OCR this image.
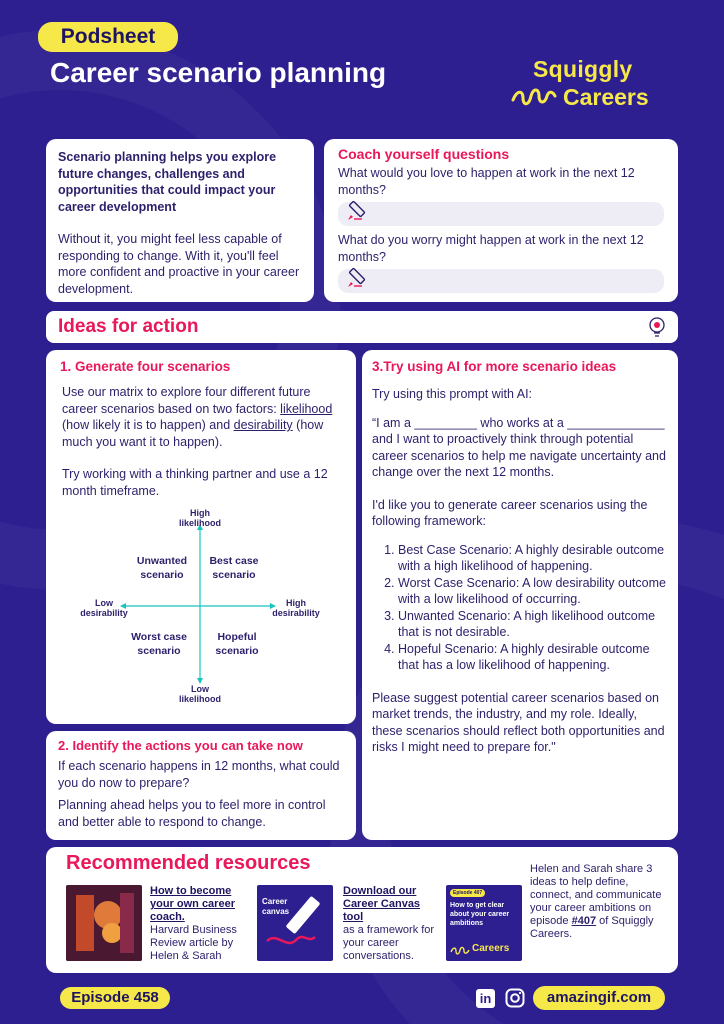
Podsheet
Career scenario planning	Squiggly
Careers
Scenario planning helps you explore future changes, challenges and opportunities that could impact your career development
Without it, you might feel less capable of responding to change. With it, you'll feel more confident and proactive in your career development.
Coach yourself questions
What would you love to happen at work in the next 12 months?
What do you worry might happen at work in the next 12 months?
Ideas for action
1. Generate four scenarios
Use our matrix to explore four different future career scenarios based on two factors: likelihood (how likely it is to happen) and desirability (how much you want it to happen).
Try working with a thinking partner and use a 12 month timeframe.
High likelihood
Low likelihood
Low desirability
High desirability
Unwanted scenario
Best case scenario
Worst case scenario
Hopeful scenario
2. Identify the actions you can take now
If each scenario happens in 12 months, what could you do now to prepare?
Planning ahead helps you to feel more in control and better able to respond to change.
3.Try using AI for more scenario ideas
Try using this prompt with AI:
“I am a _________ who works at a ______________ and I want to proactively think through potential career scenarios to help me navigate uncertainty and change over the next 12 months.
I'd like you to generate career scenarios using the following framework:
1. Best Case Scenario: A highly desirable outcome with a high likelihood of happening.
2. Worst Case Scenario: A low desirability outcome with a low likelihood of occurring.
3. Unwanted Scenario: A high likelihood outcome that is not desirable.
4. Hopeful Scenario: A highly desirable outcome that has a low likelihood of happening.
Please suggest potential career scenarios based on market trends, the industry, and my role. Ideally, these scenarios should reflect both opportunities and risks I might need to prepare for."
Recommended resources
How to become your own career coach.
Harvard Business Review article by Helen & Sarah
Career canvas
Download our Career Canvas tool
as a framework for your career conversations.
Episode 407
How to get clear about your career ambitions
Careers
Helen and Sarah share 3 ideas to help define, connect, and communicate your career ambitions on episode #407 of Squiggly Careers.
Episode 458	in	amazingif.com
